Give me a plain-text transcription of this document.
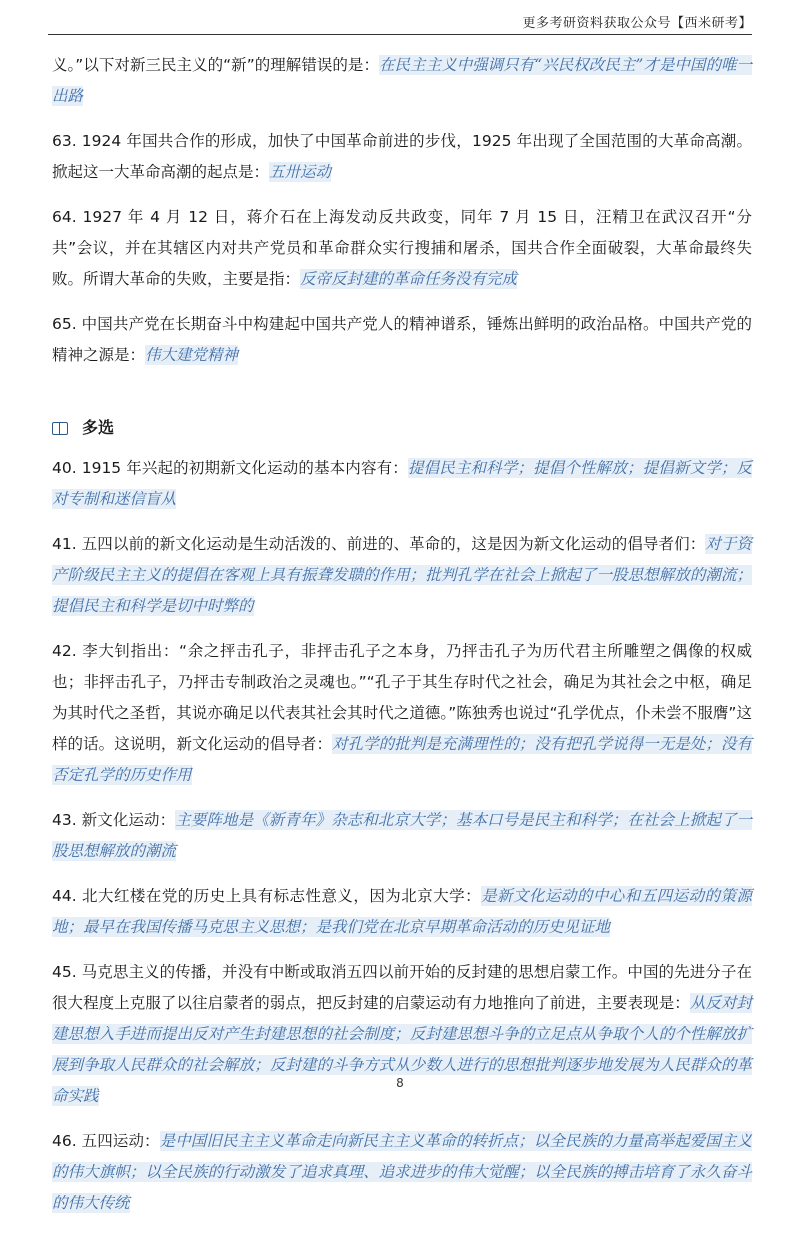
更多考研资料获取公众号【西米研考】

义。”以下对新三民主义的“新”的理解错误的是：在民主主义中强调只有“兴民权改民主”才是中国的唯一出路

63. 1924 年国共合作的形成，加快了中国革命前进的步伐，1925 年出现了全国范围的大革命高潮。掀起这一大革命高潮的起点是：五卅运动

64. 1927 年 4 月 12 日，蒋介石在上海发动反共政变，同年 7 月 15 日，汪精卫在武汉召开“分共”会议，并在其辖区内对共产党员和革命群众实行搜捕和屠杀，国共合作全面破裂，大革命最终失败。所谓大革命的失败，主要是指：反帝反封建的革命任务没有完成

65. 中国共产党在长期奋斗中构建起中国共产党人的精神谱系，锤炼出鲜明的政治品格。中国共产党的精神之源是：伟大建党精神

多选

40. 1915 年兴起的初期新文化运动的基本内容有：提倡民主和科学；提倡个性解放；提倡新文学；反对专制和迷信盲从

41. 五四以前的新文化运动是生动活泼的、前进的、革命的，这是因为新文化运动的倡导者们：对于资产阶级民主主义的提倡在客观上具有振聋发聩的作用；批判孔学在社会上掀起了一股思想解放的潮流；提倡民主和科学是切中时弊的

42. 李大钊指出：“余之抨击孔子，非抨击孔子之本身，乃抨击孔子为历代君主所雕塑之偶像的权威也；非抨击孔子，乃抨击专制政治之灵魂也。”“孔子于其生存时代之社会，确足为其社会之中枢，确足为其时代之圣哲，其说亦确足以代表其社会其时代之道德。”陈独秀也说过“孔学优点，仆未尝不服膺”这样的话。这说明，新文化运动的倡导者：对孔学的批判是充满理性的；没有把孔学说得一无是处；没有否定孔学的历史作用

43. 新文化运动：主要阵地是《新青年》杂志和北京大学；基本口号是民主和科学；在社会上掀起了一股思想解放的潮流

44. 北大红楼在党的历史上具有标志性意义，因为北京大学：是新文化运动的中心和五四运动的策源地；最早在我国传播马克思主义思想；是我们党在北京早期革命活动的历史见证地

45. 马克思主义的传播，并没有中断或取消五四以前开始的反封建的思想启蒙工作。中国的先进分子在很大程度上克服了以往启蒙者的弱点，把反封建的启蒙运动有力地推向了前进，主要表现是：从反对封建思想入手进而提出反对产生封建思想的社会制度；反封建思想斗争的立足点从争取个人的个性解放扩展到争取人民群众的社会解放；反封建的斗争方式从少数人进行的思想批判逐步地发展为人民群众的革命实践

46. 五四运动：是中国旧民主主义革命走向新民主主义革命的转折点；以全民族的力量高举起爱国主义的伟大旗帜；以全民族的行动激发了追求真理、追求进步的伟大觉醒；以全民族的搏击培育了永久奋斗的伟大传统

8
